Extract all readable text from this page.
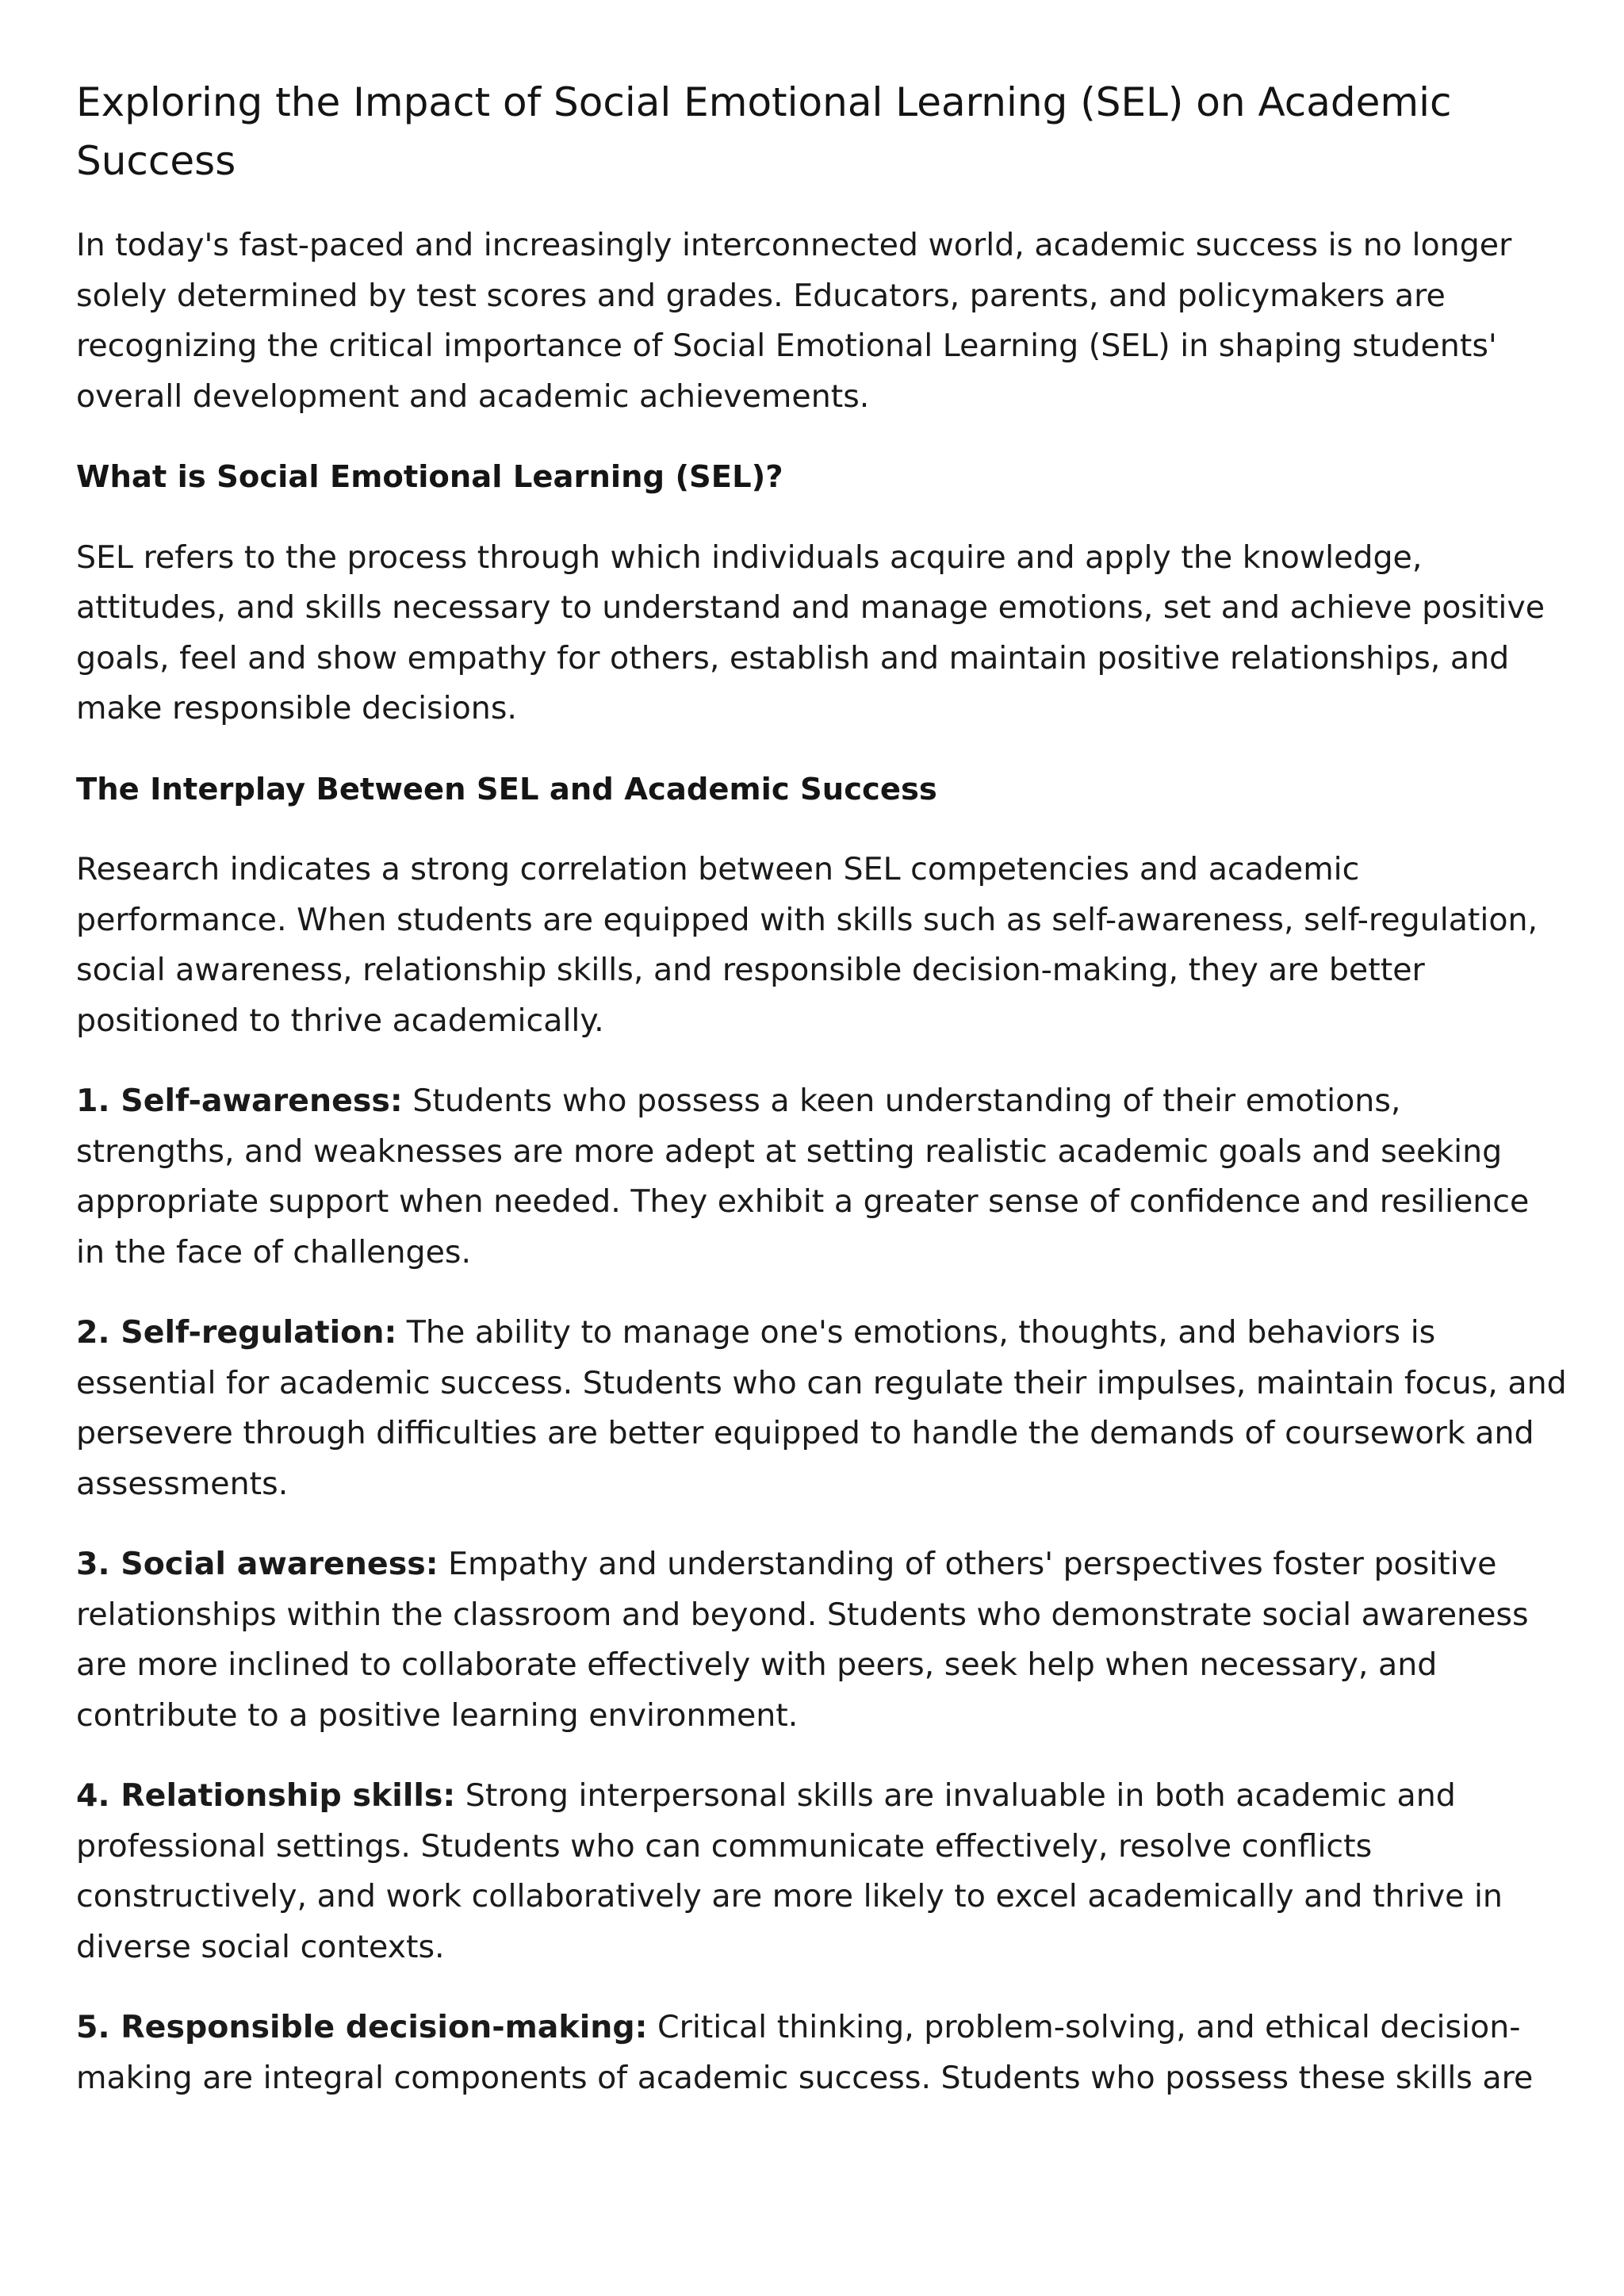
Exploring the Impact of Social Emotional Learning (SEL) on Academic Success

In today's fast-paced and increasingly interconnected world, academic success is no longer solely determined by test scores and grades. Educators, parents, and policymakers are recognizing the critical importance of Social Emotional Learning (SEL) in shaping students' overall development and academic achievements.

What is Social Emotional Learning (SEL)?

SEL refers to the process through which individuals acquire and apply the knowledge, attitudes, and skills necessary to understand and manage emotions, set and achieve positive goals, feel and show empathy for others, establish and maintain positive relationships, and make responsible decisions.

The Interplay Between SEL and Academic Success

Research indicates a strong correlation between SEL competencies and academic performance. When students are equipped with skills such as self-awareness, self-regulation, social awareness, relationship skills, and responsible decision-making, they are better positioned to thrive academically.

1. Self-awareness: Students who possess a keen understanding of their emotions, strengths, and weaknesses are more adept at setting realistic academic goals and seeking appropriate support when needed. They exhibit a greater sense of confidence and resilience in the face of challenges.

2. Self-regulation: The ability to manage one's emotions, thoughts, and behaviors is essential for academic success. Students who can regulate their impulses, maintain focus, and persevere through difficulties are better equipped to handle the demands of coursework and assessments.

3. Social awareness: Empathy and understanding of others' perspectives foster positive relationships within the classroom and beyond. Students who demonstrate social awareness are more inclined to collaborate effectively with peers, seek help when necessary, and contribute to a positive learning environment.

4. Relationship skills: Strong interpersonal skills are invaluable in both academic and professional settings. Students who can communicate effectively, resolve conflicts constructively, and work collaboratively are more likely to excel academically and thrive in diverse social contexts.

5. Responsible decision-making: Critical thinking, problem-solving, and ethical decision-making are integral components of academic success. Students who possess these skills are
